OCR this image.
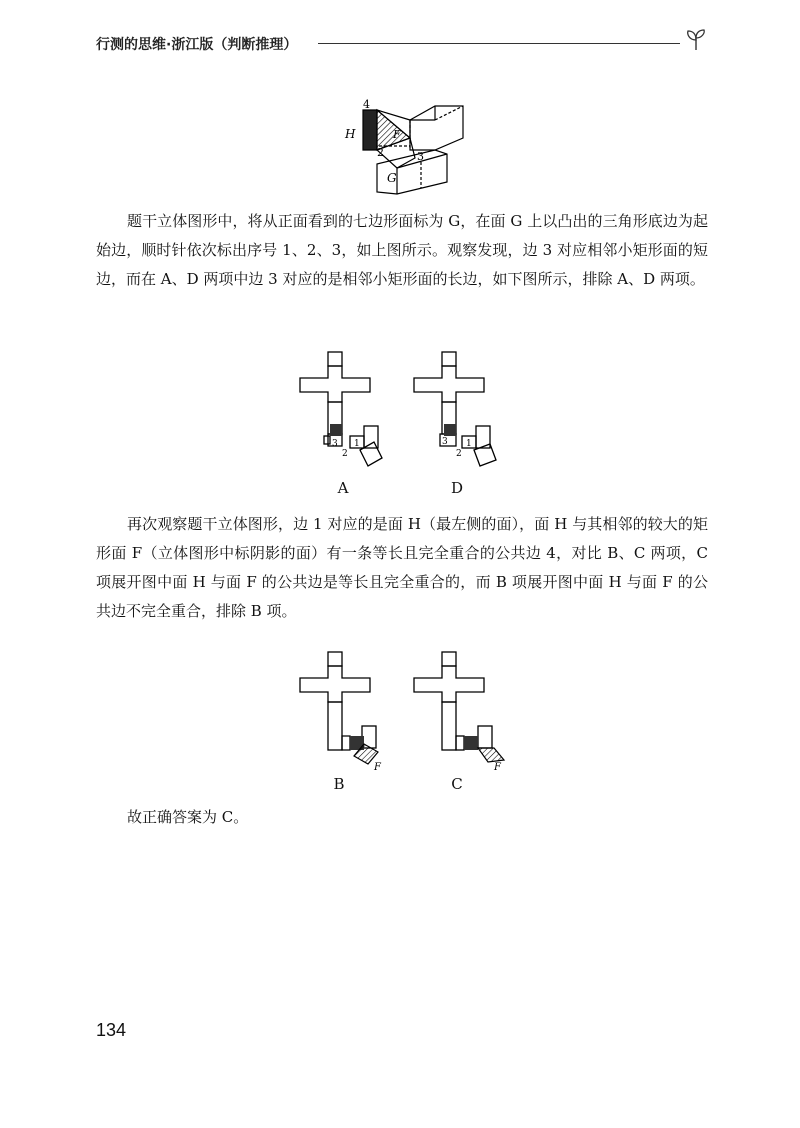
行测的思维·浙江版（判断推理）
4
H	F
2	3
G

题干立体图形中，将从正面看到的七边形面标为 G，在面 G 上以凸出的三角形底边为起始边，顺时针依次标出序号 1、2、3，如上图所示。观察发现，边 3 对应相邻小矩形面的短边，而在 A、D 两项中边 3 对应的是相邻小矩形面的长边，如下图所示，排除 A、D 两项。

3
2
1
A
3
2
1
D

再次观察题干立体图形，边 1 对应的是面 H（最左侧的面），面 H 与其相邻的较大的矩形面 F（立体图形中标阴影的面）有一条等长且完全重合的公共边 4，对比 B、C 两项，C 项展开图中面 H 与面 F 的公共边是等长且完全重合的，而 B 项展开图中面 H 与面 F 的公共边不完全重合，排除 B 项。

F
B
F
C
故正确答案为 C。
134
